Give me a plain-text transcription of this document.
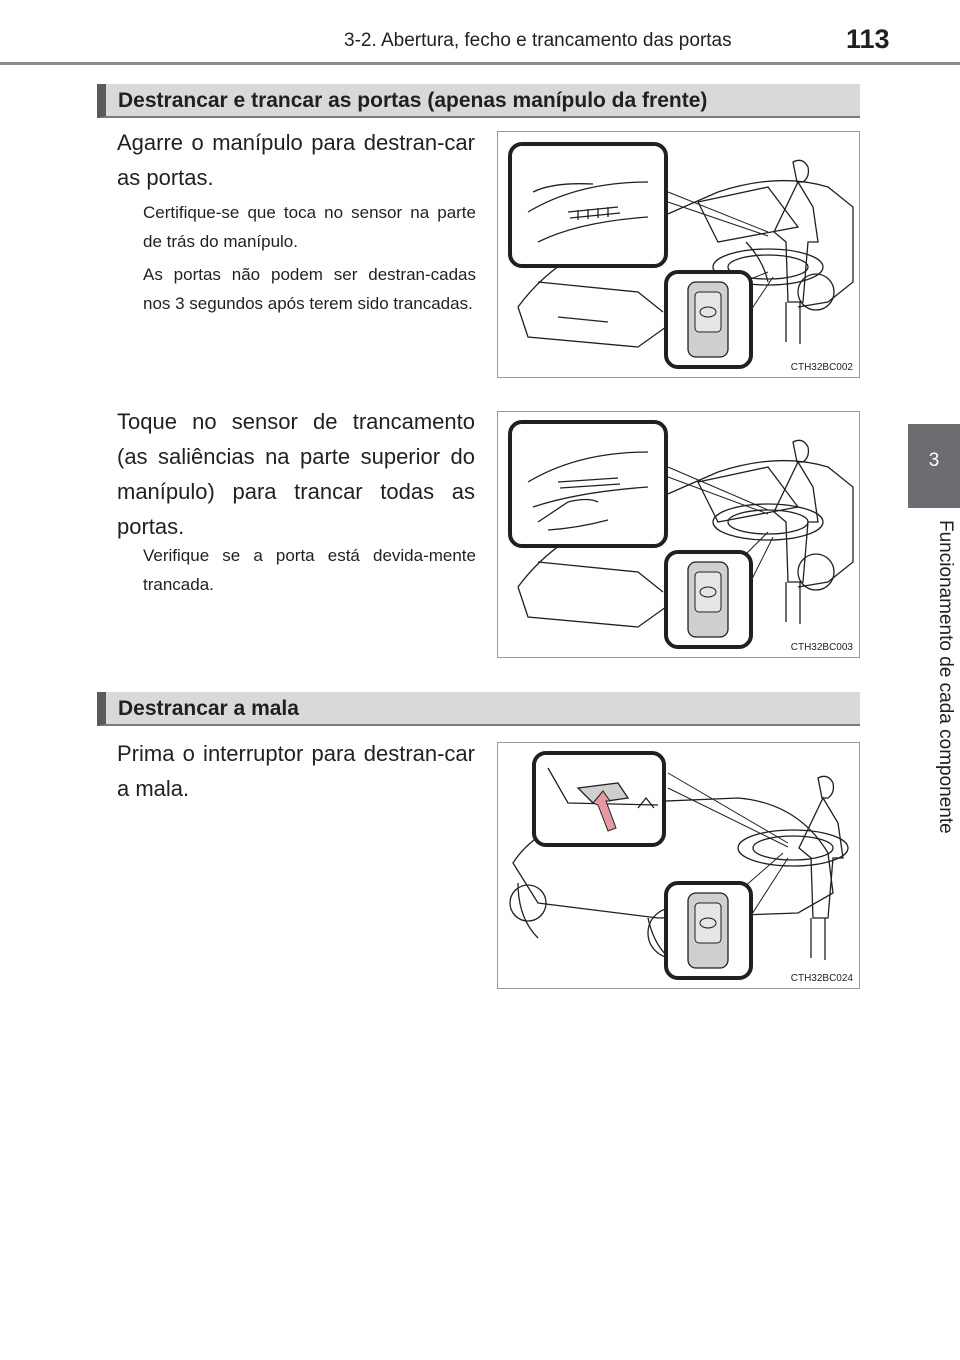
3-2. Abertura, fecho e trancamento das portas	113
3
Funcionamento de cada componente
Destrancar e trancar as portas (apenas manípulo da frente)
Agarre o manípulo para destran-car as portas.
Certifique-se que toca no sensor na parte de trás do manípulo.
As portas não podem ser destran-cadas nos 3 segundos após terem sido trancadas.
CTH32BC002
Toque no sensor de trancamento (as saliências na parte superior do manípulo) para trancar todas as portas.
Verifique se a porta está devida-mente trancada.
CTH32BC003
Destrancar a mala
Prima o interruptor para destran-car a mala.
CTH32BC024
